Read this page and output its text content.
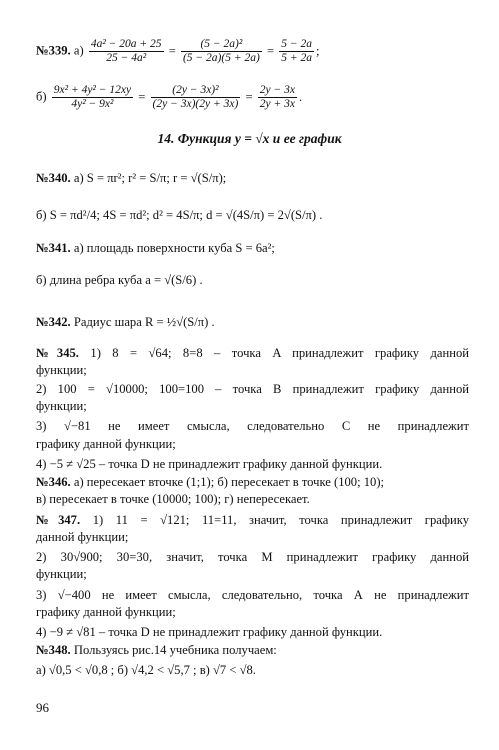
№339. $а) \frac{\text{4a² − 20a + 25}}{\text{25 − 4a²}} = \frac{\text{(5 − 2a)²}}{(5 - 2a)(5 + 2a)} = \frac{5 - 2a}{5 + 2a}$ ;
$б) \frac{\text{9x² + 4y² − 12xy}}{\text{4y² − 9x²}} = \frac{\text{(2y − 3x)²}}{(2y - 3x)(2y + 3x)} = \frac{2y - 3x}{2y + 3x}$ .
14. Функция y = √x и ее график
№340. а) S = πr²; r² = S/π; r = √(S/π);
б) S = πd²/4; 4S = πd²; d² = 4S/π; d = √(4S/π) = 2√(S/π) .
№341. а) площадь поверхности куба S = 6a²;
б) длина ребра куба a = √(S/6) .
№342. Радиус шара R = ½√(S/π) .
№345. 1) 8 = √64; 8=8 – точка A принадлежит графику данной
функции;
2) 100 = √10000; 100=100 – точка B принадлежит графику данной
функции;
3) √−81 не имеет смысла, следовательно C не принадлежит
графику данной функции;
4) −5 ≠ √25 – точка D не принадлежит графику данной функции.
№346. а) пересекает вточке (1;1); б) пересекает в точке (100; 10);
в) пересекает в точке (10000; 100); г) непересекает.
№347. 1) 11 = √121; 11=11, значит, точка принадлежит графику
данной функции;
2) 30√900; 30=30, значит, точка М принадлежит графику данной
функции;
3) √−400 не имеет смысла, следовательно, точка А не принадлежит
графику данной функции;
4) −9 ≠ √81 – точка D не принадлежит графику данной функции.
№348. Пользуясь рис.14 учебника получаем:
а) √0,5 < √0,8 ; б) √4,2 < √5,7 ; в) √7 < √8.
96
